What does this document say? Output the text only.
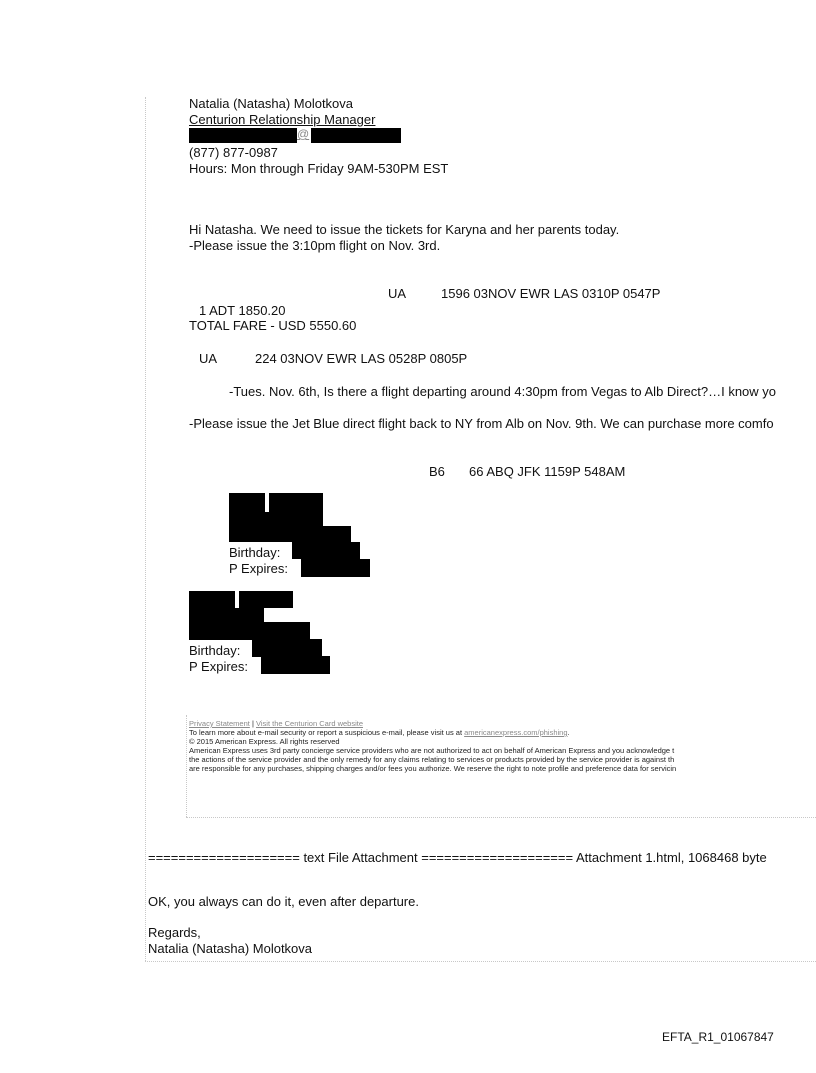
Natalia (Natasha) Molotkova
Centurion Relationship Manager
@
(877) 877-0987
Hours: Mon through Friday 9AM-530PM EST
Hi Natasha. We need to issue the tickets for Karyna and her parents today.
-Please issue the 3:10pm flight on Nov. 3rd.
UA	1596 03NOV EWR LAS 0310P 0547P
1 ADT 1850.20
TOTAL FARE - USD 5550.60
UA	224 03NOV EWR LAS 0528P 0805P
-Tues. Nov. 6th, Is there a flight departing around 4:30pm from Vegas to Alb Direct?…I know yo
-Please issue the Jet Blue direct flight back to NY from Alb on Nov. 9th. We can purchase more comfo
B6 66 ABQ JFK 1159P 548AM
Birthday:
P Expires:
Birthday:
P Expires:
Privacy Statement | Visit the Centurion Card website
To learn more about e-mail security or report a suspicious e-mail, please visit us at americanexpress.com/phishing.
© 2015 American Express. All rights reserved
American Express uses 3rd party concierge service providers who are not authorized to act on behalf of American Express and you acknowledge t
the actions of the service provider and the only remedy for any claims relating to services or products provided by the service provider is against th
are responsible for any purchases, shipping charges and/or fees you authorize. We reserve the right to note profile and preference data for servicin
==================== text File Attachment ==================== Attachment 1.html, 1068468 byte
OK, you always can do it, even after departure.
Regards,
Natalia (Natasha) Molotkova
EFTA_R1_01067847
